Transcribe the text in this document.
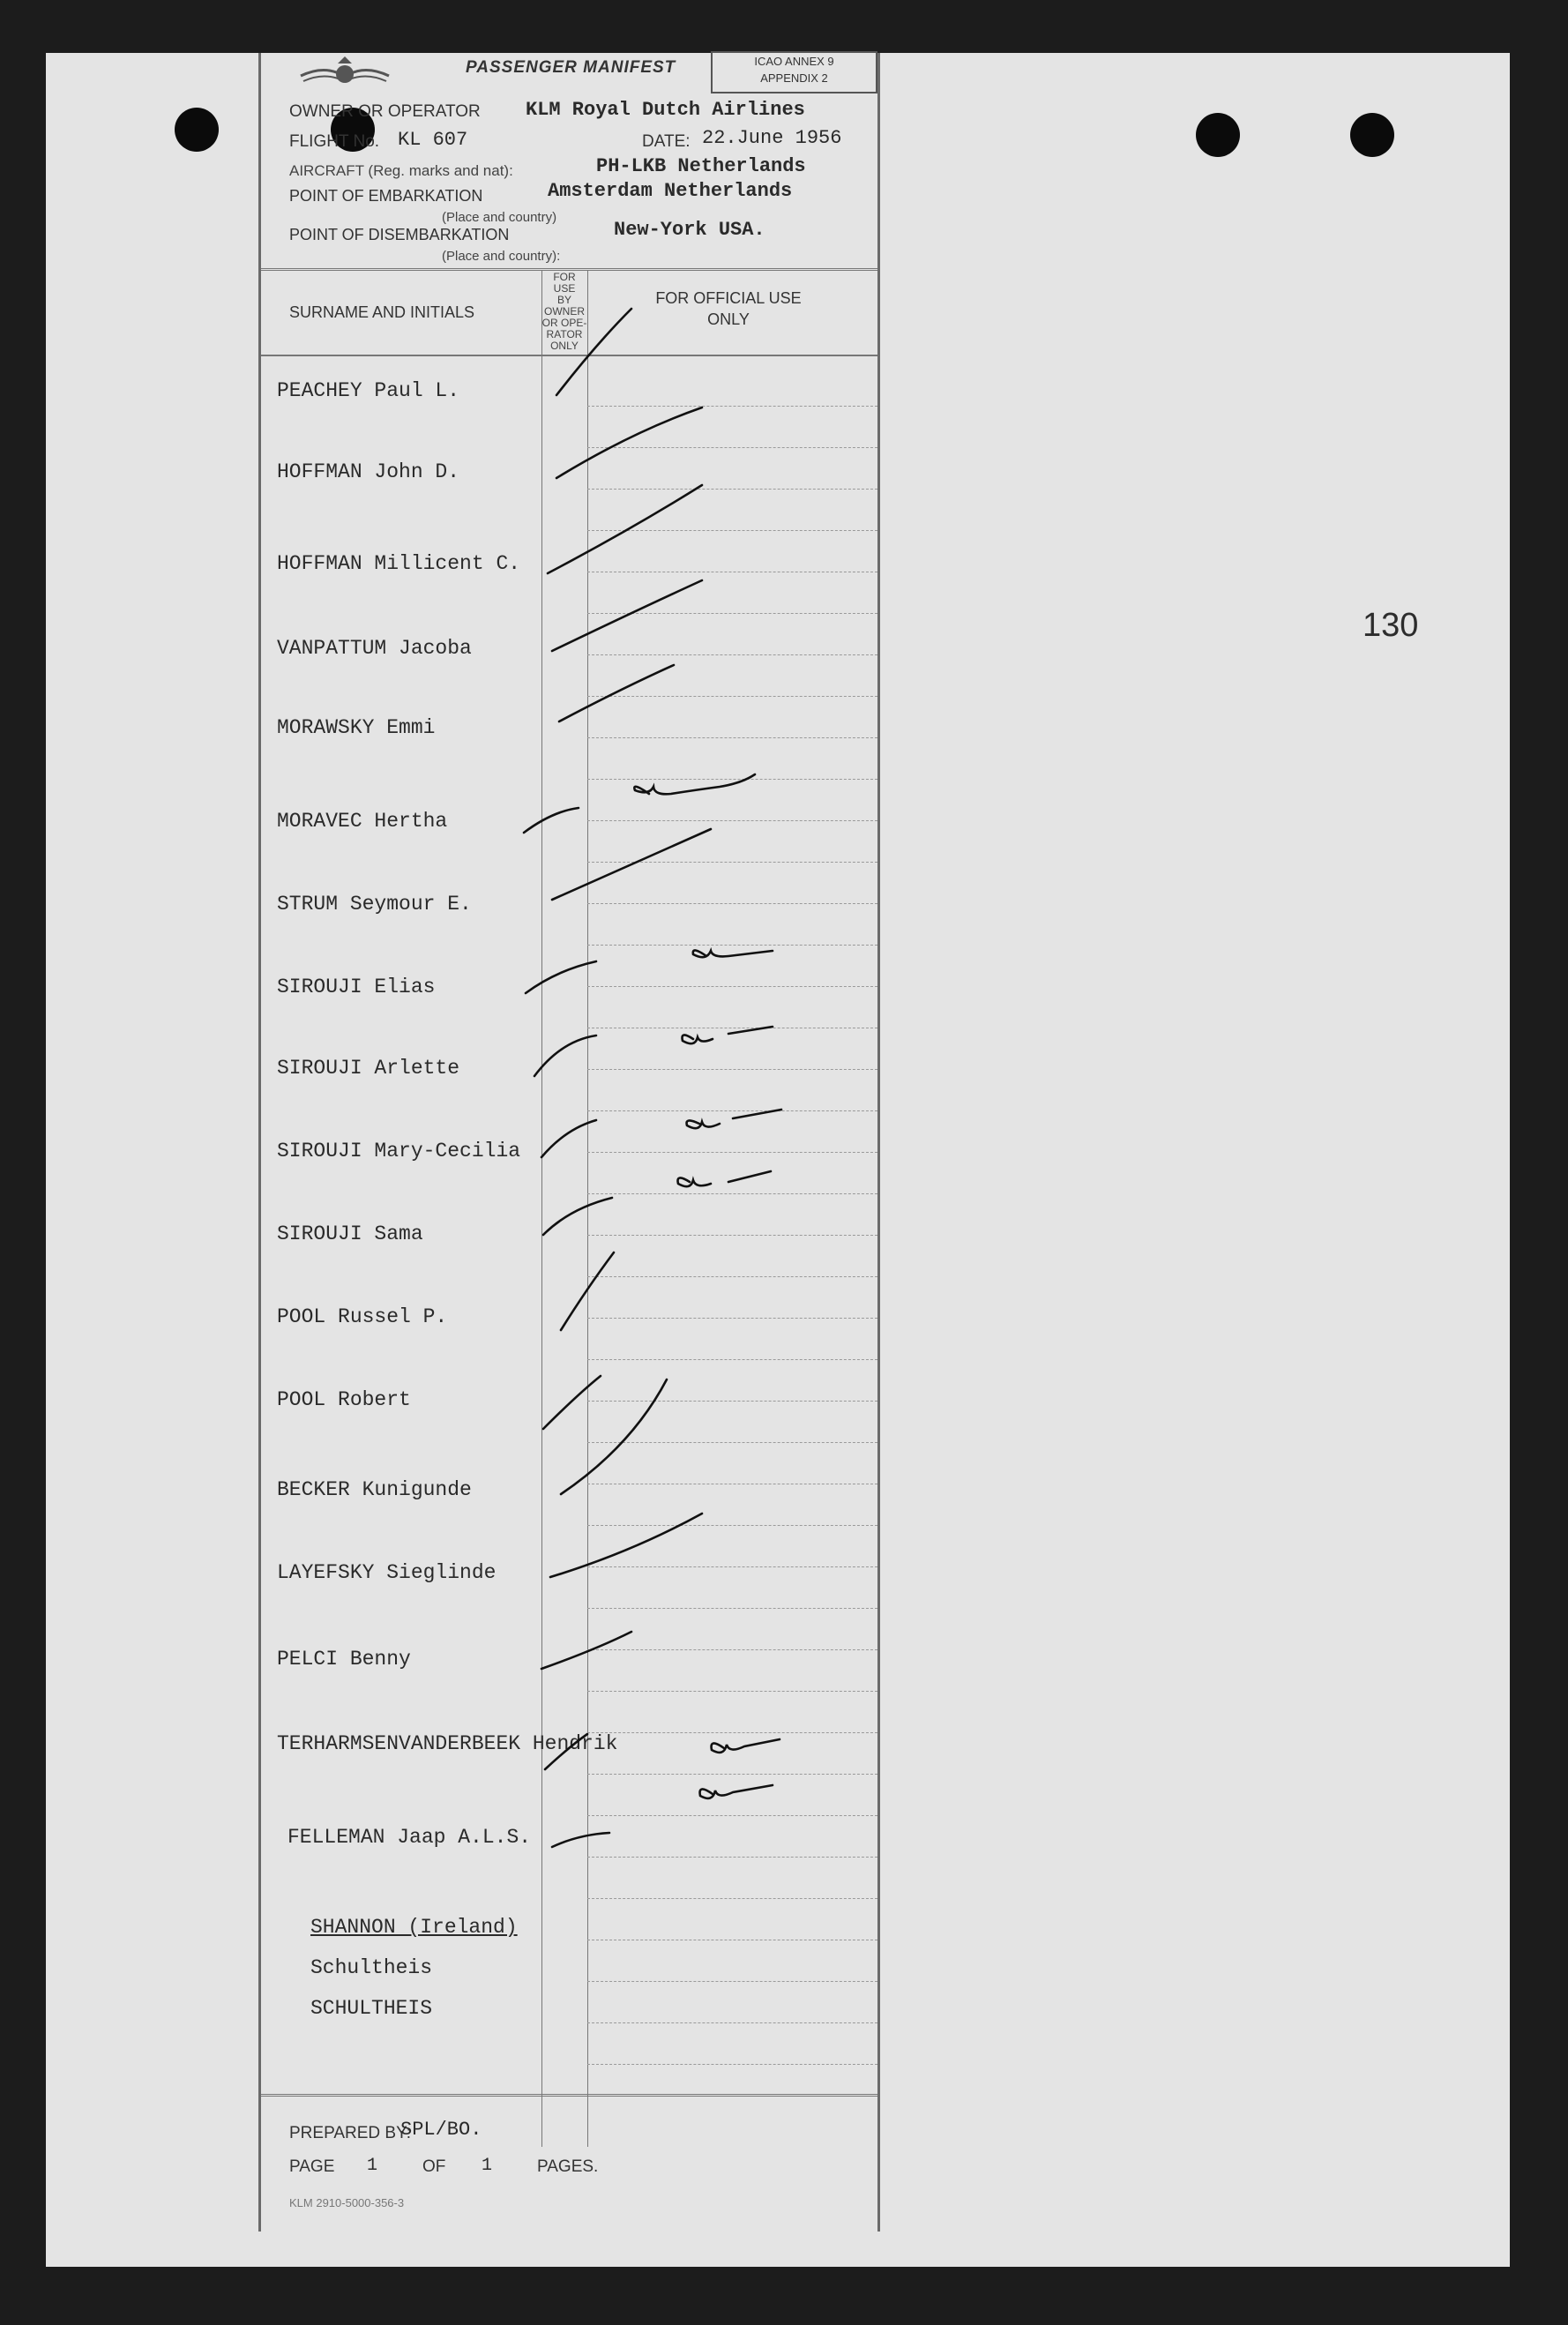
130
PASSENGER MANIFEST	ICAO ANNEX 9
APPENDIX 2
OWNER OR OPERATOR KLM Royal Dutch Airlines
FLIGHT No. KL 607	DATE: 22.June 1956
AIRCRAFT (Reg. marks and nat):	PH-LKB Netherlands
POINT OF EMBARKATION	Amsterdam Netherlands
(Place and country)
POINT OF DISEMBARKATION	New-York USA.
(Place and country):
SURNAME AND INITIALS
FOR USE
BY
OWNER
OR OPE-
RATOR
ONLY
FOR OFFICIAL USE
ONLY
PEACHEY Paul L.
HOFFMAN John D.
HOFFMAN Millicent C.
VANPATTUM Jacoba
MORAWSKY Emmi
MORAVEC Hertha
STRUM Seymour E.
SIROUJI Elias
SIROUJI Arlette
SIROUJI Mary-Cecilia
SIROUJI Sama
POOL Russel P.
POOL Robert
BECKER Kunigunde
LAYEFSKY Sieglinde
PELCI Benny
TERHARMSENVANDERBEEK Hendrik
FELLEMAN Jaap A.L.S.
SHANNON (Ireland)
Schultheis
SCHULTHEIS
PREPARED BY:
SPL/BO.
PAGE 1	OF 1	PAGES.
KLM 2910-5000-356-3
